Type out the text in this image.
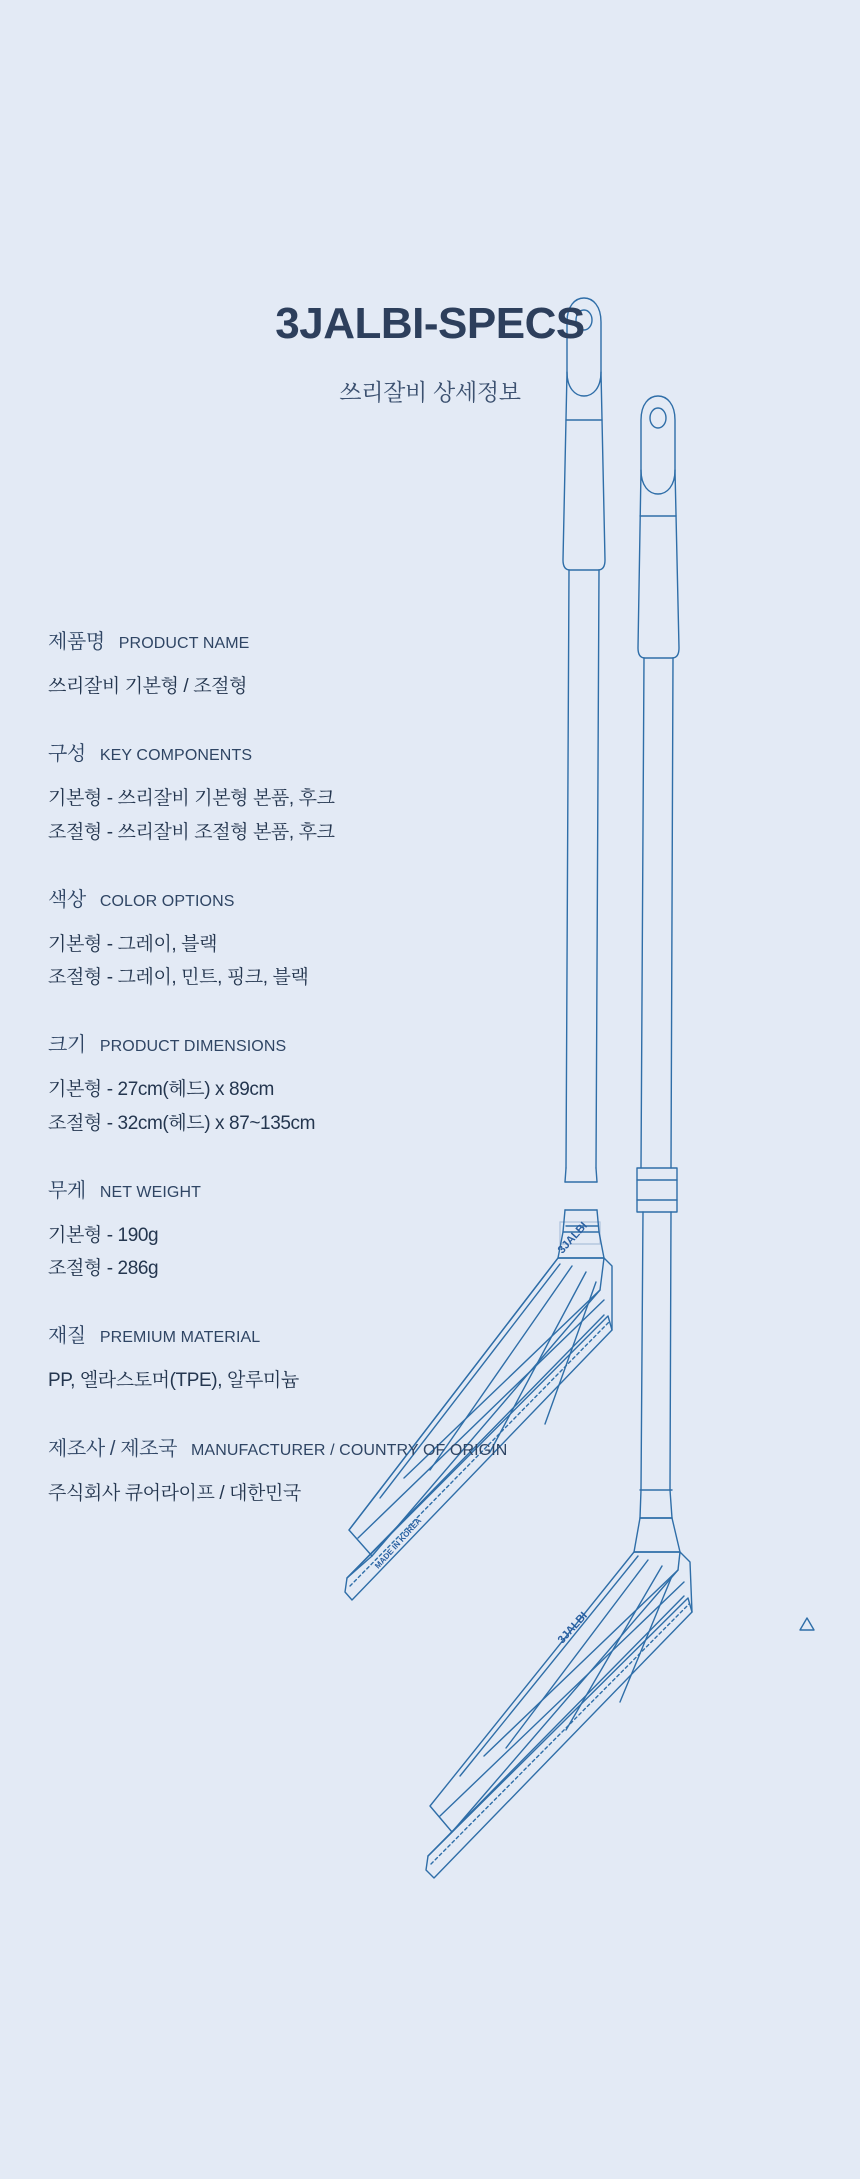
3JALBI
MADE IN KOREA
3JALBI
3JALBI-SPECS
쓰리잘비 상세정보
제품명 PRODUCT NAME
쓰리잘비 기본형 / 조절형
구성 KEY COMPONENTS
기본형 - 쓰리잘비 기본형 본품, 후크
조절형 - 쓰리잘비 조절형 본품, 후크
색상 COLOR OPTIONS
기본형 - 그레이, 블랙
조절형 - 그레이, 민트, 핑크, 블랙
크기 PRODUCT DIMENSIONS
기본형 - 27cm(헤드) x 89cm
조절형 - 32cm(헤드) x 87~135cm
무게 NET WEIGHT
기본형 - 190g
조절형 - 286g
재질 PREMIUM MATERIAL
PP, 엘라스토머(TPE), 알루미늄
제조사 / 제조국 MANUFACTURER / COUNTRY OF ORIGIN
주식회사 큐어라이프 / 대한민국
